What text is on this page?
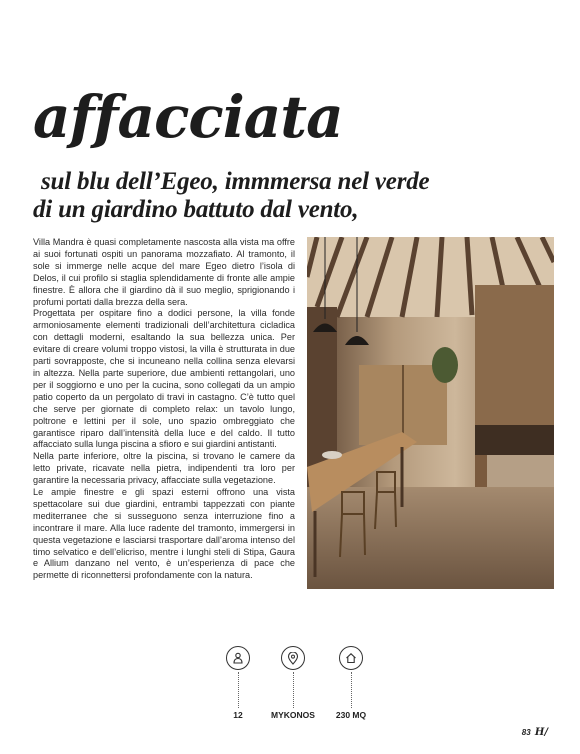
affacciata
sul blu dell’Egeo, immmersa nel verde
di un giardino battuto dal vento,

Villa Mandra è quasi completamente nascosta alla vista ma offre ai suoi fortunati ospiti un panorama mozzafiato. Al tramonto, il sole si immerge nelle acque del mare Egeo dietro l’isola di Delos, il cui profilo si staglia splendidamente di fronte alle ampie finestre. È allora che il giardino dà il suo meglio, sprigionando i profumi portati dalla brezza della sera.

Progettata per ospitare fino a dodici persone, la villa fonde armoniosamente elementi tradizionali dell’architettura cicladica con dettagli moderni, esaltando la sua bellezza unica. Per evitare di creare volumi troppo vistosi, la villa è strutturata in due parti sovrapposte, che si incuneano nella collina senza elevarsi in altezza. Nella parte superiore, due ambienti rettangolari, uno per il soggiorno e uno per la cucina, sono collegati da un ampio patio coperto da un pergolato di travi in castagno. C’è tutto quel che serve per giornate di completo relax: un tavolo lungo, poltrone e lettini per il sole, uno spazio ombreggiato che garantisce riparo dall’intensità della luce e del caldo. Il tutto affacciato sulla lunga piscina a sfioro e sui giardini antistanti.

Nella parte inferiore, oltre la piscina, si trovano le camere da letto private, ricavate nella pietra, indipendenti tra loro per garantire la necessaria privacy, affacciate sulla vegetazione.

Le ampie finestre e gli spazi esterni offrono una vista spettacolare sui due giardini, entrambi tappezzati con piante mediterranee che si susseguono senza interruzione fino a incontrare il mare. Alla luce radente del tramonto, immergersi in questa vegetazione e lasciarsi trasportare dall’aroma intenso del timo selvatico e dell’elicriso, mentre i lunghi steli di Stipa, Gaura e Allium danzano nel vento, è un’esperienza di pace che permette di riconnettersi profondamente con la natura.

12	MYKONOS	230 MQ
83 H/
